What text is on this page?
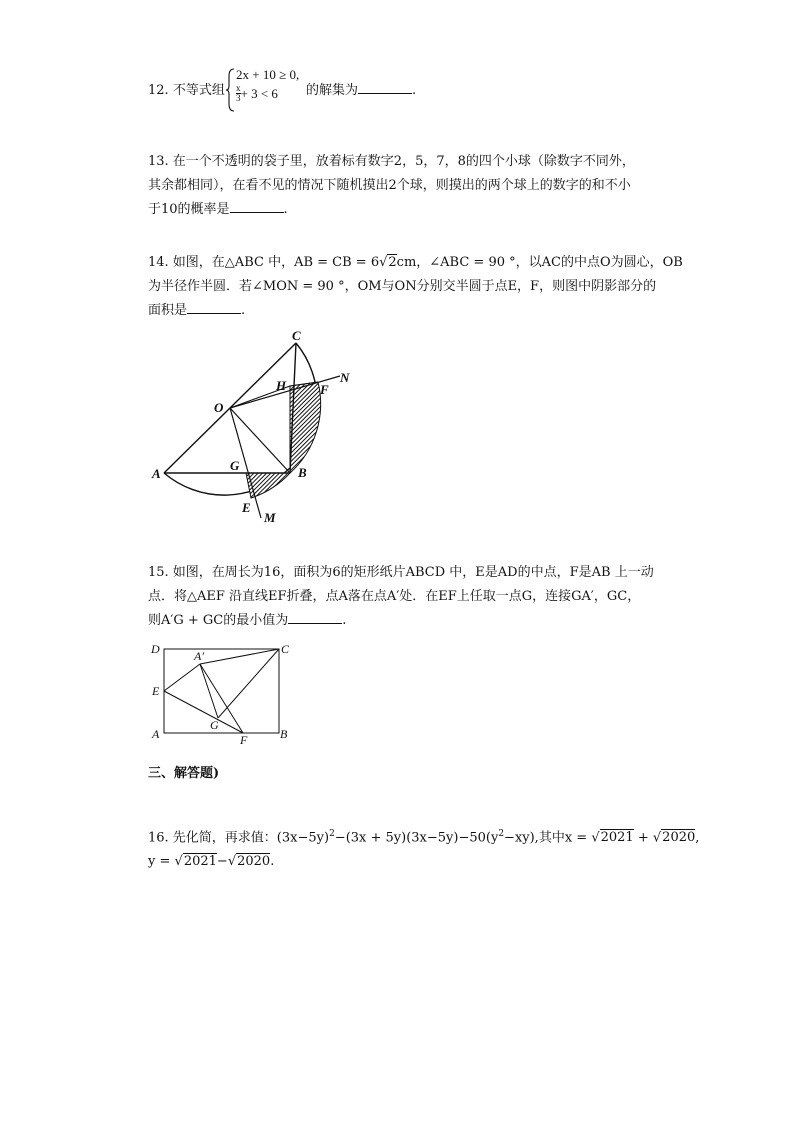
12. 不等式组
2x + 10 ≥ 0,
$\frac{x}{3} + 3 < 6$ 的解集为	.
13. 在一个不透明的袋子里，放着标有数字2，5，7，8的四个小球（除数字不同外，
其余都相同），在看不见的情况下随机摸出2个球，则摸出的两个球上的数字的和不小
于10的概率是	.
14. 如图，在△ABC 中，AB = CB = 6√2cm，∠ABC = 90 °，以AC的中点O为圆心，OB
为半径作半圆．若∠MON = 90 °，OM与ON分别交半圆于点E，F，则图中阴影部分的
面积是	.
C
N
H	F
O
A
G	B
E
M
15. 如图，在周长为16，面积为6的矩形纸片ABCD 中，E是AD的中点，F是AB 上一动
点．将△AEF 沿直线EF折叠，点A落在点A′处．在EF上任取一点G，连接GA′，GC，
则A′G + GC的最小值为	.
D	A′	C
E
G
A	F	B
三、解答题)
16. 先化简，再求值：$(3x-5y)^2-(3x + 5y)(3x-5y)-50(y^2-xy)$,其中x = √2021 + √2020,
y = √2021−√2020.
